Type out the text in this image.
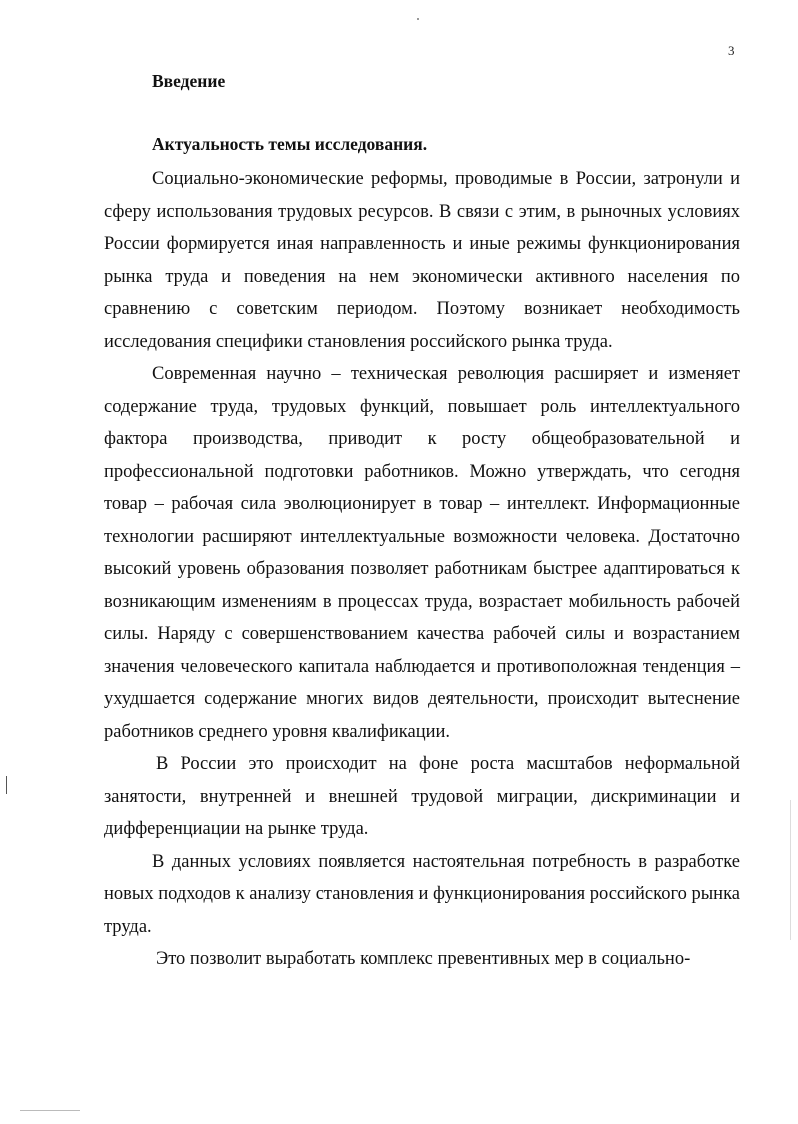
3
Введение
Актуальность темы исследования.

Социально-экономические реформы, проводимые в России, затронули и сферу использования трудовых ресурсов. В связи с этим, в рыночных условиях России формируется иная направленность и иные режимы функционирования рынка труда и поведения на нем экономически активного населения по сравнению с советским периодом. Поэтому возникает необходимость исследования специфики становления российского рынка труда.

Современная научно – техническая революция расширяет и изменяет содержание труда, трудовых функций, повышает роль интеллектуального фактора производства, приводит к росту общеобразовательной и профессиональной подготовки работников. Можно утверждать, что сегодня товар – рабочая сила эволюционирует в товар – интеллект. Информационные технологии расширяют интеллектуальные возможности человека. Достаточно высокий уровень образования позволяет работникам быстрее адаптироваться к возникающим изменениям в процессах труда, возрастает мобильность рабочей силы. Наряду с совершенствованием качества рабочей силы и возрастанием значения человеческого капитала наблюдается и противоположная тенденция – ухудшается содержание многих видов деятельности, происходит вытеснение работников среднего уровня квалификации.

В России это происходит на фоне роста масштабов неформальной занятости, внутренней и внешней трудовой миграции, дискриминации и дифференциации на рынке труда.

В данных условиях появляется настоятельная потребность в разработке новых подходов к анализу становления и функционирования российского рынка труда.

Это позволит выработать комплекс превентивных мер в социально-
